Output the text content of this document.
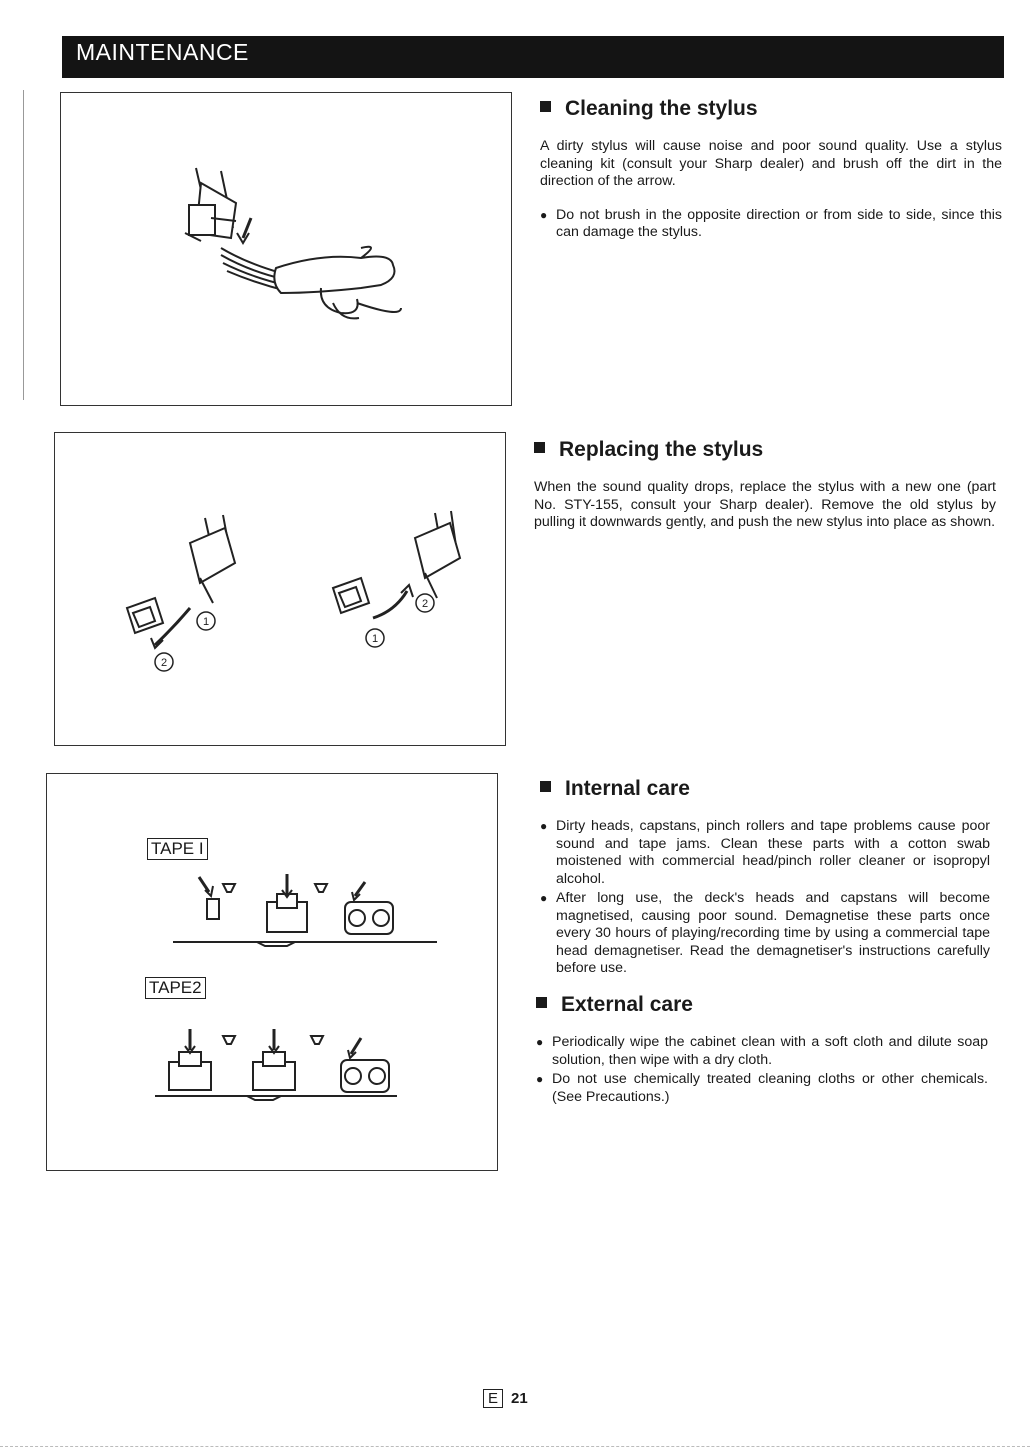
MAINTENANCE
1
2
2
1
TAPE I
TAPE2
Cleaning the stylus

A dirty stylus will cause noise and poor sound quality. Use a stylus cleaning kit (consult your Sharp dealer) and brush off the dirt in the direction of the arrow.

● Do not brush in the opposite direction or from side to side, since this can damage the stylus.
Replacing the stylus

When the sound quality drops, replace the stylus with a new one (part No. STY-155, consult your Sharp dealer). Remove the old stylus by pulling it downwards gently, and push the new stylus into place as shown.

Internal care
● Dirty heads, capstans, pinch rollers and tape problems cause poor sound and tape jams. Clean these parts with a cotton swab moistened with commercial head/pinch roller cleaner or isopropyl alcohol.
● After long use, the deck's heads and capstans will become magnetised, causing poor sound. Demagnetise these parts once every 30 hours of playing/recording time by using a commercial tape head demagnetiser. Read the demagnetiser's instructions carefully before use.
External care
● Periodically wipe the cabinet clean with a soft cloth and dilute soap solution, then wipe with a dry cloth.
● Do not use chemically treated cleaning cloths or other chemicals. (See Precautions.)
E 21
